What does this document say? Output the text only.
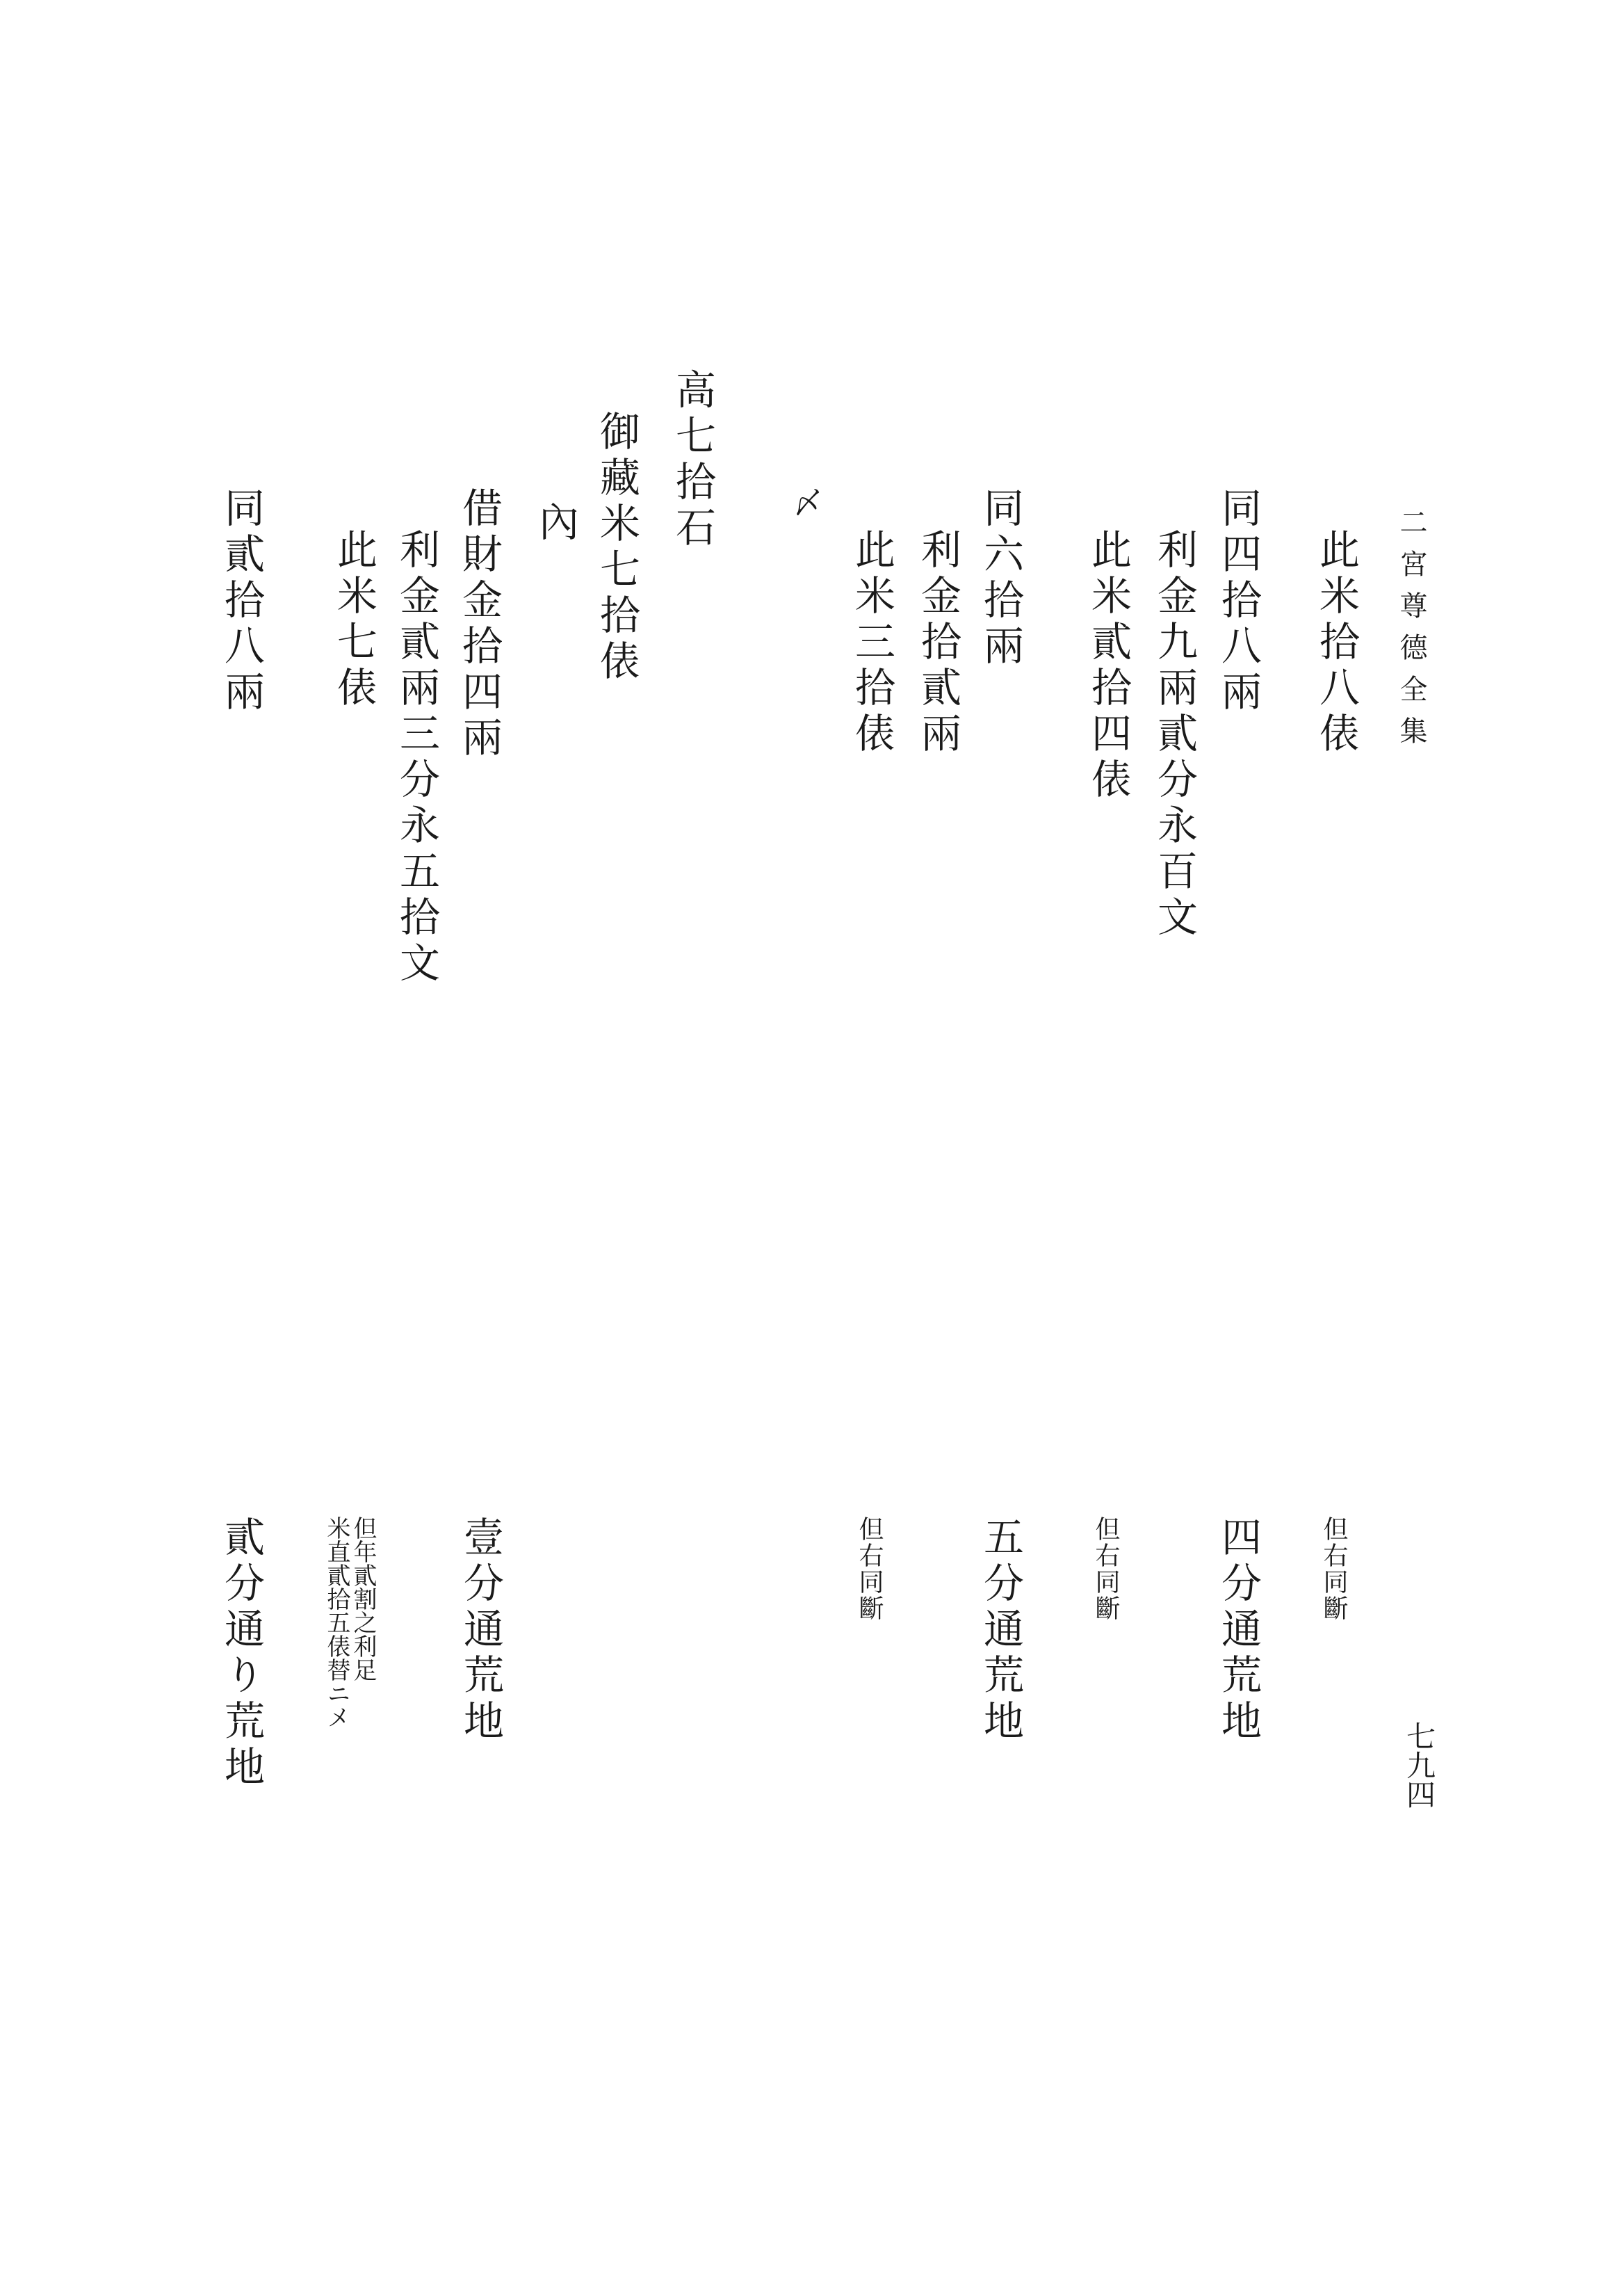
二宮尊德全集
七九四
此米拾八俵
同四拾八兩
利金九兩貳分永百文
此米貳拾四俵
同六拾兩
利金拾貳兩
此米三拾俵
〆
高七拾石
御藏米七拾俵
內
借財金拾四兩
利金貳兩三分永五拾文
此米七俵
同貳拾八兩
但右同斷
四分通荒地
但右同斷
五分通荒地
但右同斷
壹分通荒地
但年貳割之利足
米直貳拾五俵替ニメ
貳分通り荒地
